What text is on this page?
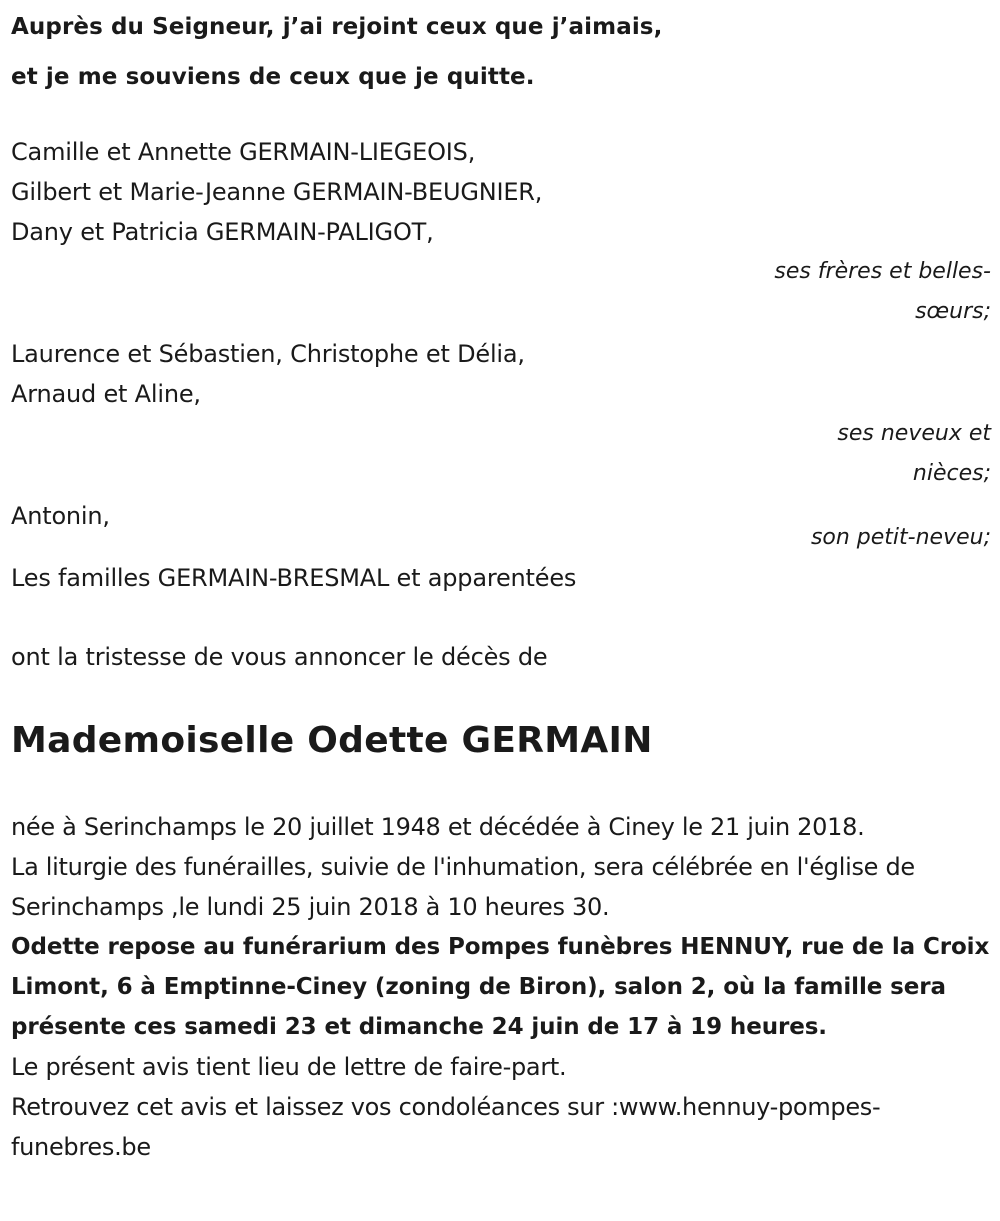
Auprès du Seigneur, j’ai rejoint ceux que j’aimais,

et je me souviens de ceux que je quitte.

Camille et Annette GERMAIN-LIEGEOIS,

Gilbert et Marie-Jeanne GERMAIN-BEUGNIER,

Dany et Patricia GERMAIN-PALIGOT,

ses frères et belles-sœurs;

Laurence et Sébastien, Christophe et Délia,

Arnaud et Aline,

ses neveux et nièces;

Antonin,

son petit-neveu;

Les familles GERMAIN-BRESMAL et apparentées

ont la tristesse de vous annoncer le décès de

Mademoiselle Odette GERMAIN

née à Serinchamps le 20 juillet 1948 et décédée à Ciney le 21 juin 2018.

La liturgie des funérailles, suivie de l'inhumation, sera célébrée en l'église de Serinchamps ,le lundi 25 juin 2018 à 10 heures 30.

Odette repose au funérarium des Pompes funèbres HENNUY, rue de la Croix Limont, 6 à Emptinne-Ciney (zoning de Biron), salon 2, où la famille sera présente ces samedi 23 et dimanche 24 juin de 17 à 19 heures.

Le présent avis tient lieu de lettre de faire-part.

Retrouvez cet avis et laissez vos condoléances sur :www.hennuy-pompes-funebres.be
